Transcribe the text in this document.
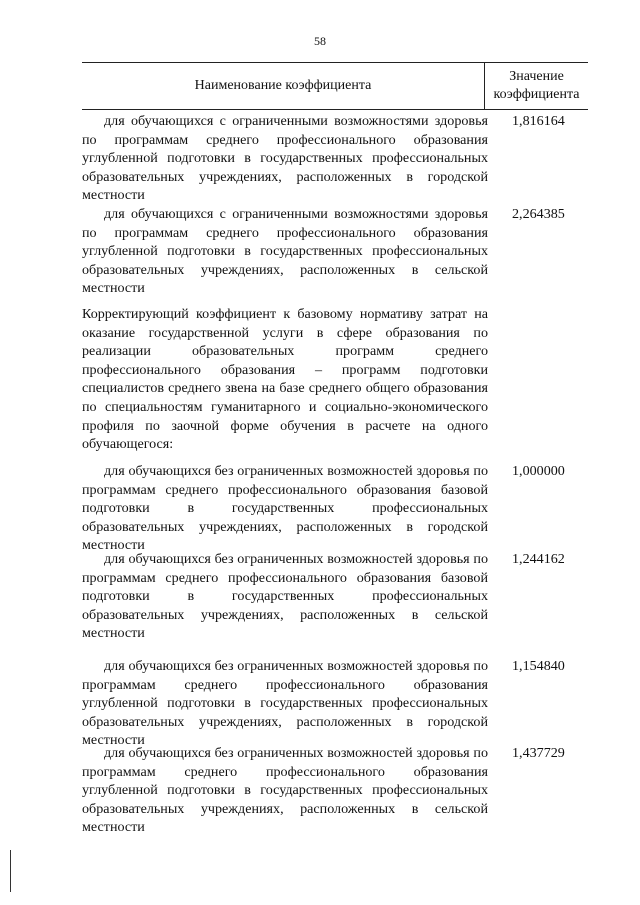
58
Наименование коэффициента
Значение коэффициента
для обучающихся с ограниченными возможностями здоровья по программам среднего профессионального образования углубленной подготовки в государственных профессиональных образовательных учреждениях, расположенных в городской местности
1,816164
для обучающихся с ограниченными возможностями здоровья по программам среднего профессионального образования углубленной подготовки в государственных профессиональных образовательных учреждениях, расположенных в сельской местности
2,264385
Корректирующий коэффициент к базовому нормативу затрат на оказание государственной услуги в сфере образования по реализации образовательных программ среднего профессионального образования – программ подготовки специалистов среднего звена на базе среднего общего образования по специальностям гуманитарного и социально-экономического профиля по заочной форме обучения в расчете на одного обучающегося:
для обучающихся без ограниченных возможностей здоровья по программам среднего профессионального образования базовой подготовки в государственных профессиональных образовательных учреждениях, расположенных в городской местности
1,000000
для обучающихся без ограниченных возможностей здоровья по программам среднего профессионального образования базовой подготовки в государственных профессиональных образовательных учреждениях, расположенных в сельской местности
1,244162
для обучающихся без ограниченных возможностей здоровья по программам среднего профессионального образования углубленной подготовки в государственных профессиональных образовательных учреждениях, расположенных в городской местности
1,154840
для обучающихся без ограниченных возможностей здоровья по программам среднего профессионального образования углубленной подготовки в государственных профессиональных образовательных учреждениях, расположенных в сельской местности
1,437729
